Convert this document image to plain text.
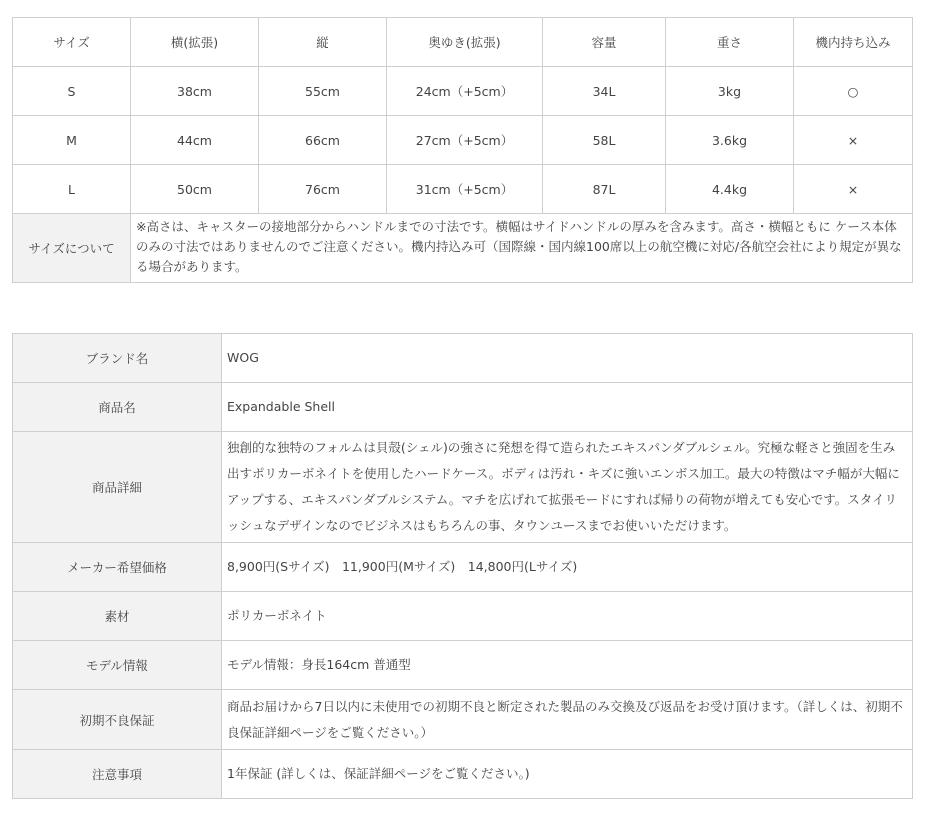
サイズ	横(拡張)	縦	奥ゆき(拡張)	容量	重さ	機内持ち込み
S	38cm	55cm	24cm（+5cm）	34L	3kg	○
M	44cm	66cm	27cm（+5cm）	58L	3.6kg	×
L	50cm	76cm	31cm（+5cm）	87L	4.4kg	×
サイズについて	※高さは、キャスターの接地部分からハンドルまでの寸法です。横幅はサイドハンドルの厚みを含みます。高さ・横幅ともに ケース本体のみの寸法ではありませんのでご注意ください。機内持込み可（国際線・国内線100席以上の航空機に対応/各航空会社により規定が異なる場合があります。					
ブランド名	WOG
商品名	Expandable Shell
商品詳細	独創的な独特のフォルムは貝殻(シェル)の強さに発想を得て造られたエキスパンダブルシェル。究極な軽さと強固を生み出すポリカーボネイトを使用したハードケース。ボディは汚れ・キズに強いエンボス加工。最大の特徴はマチ幅が大幅にアップする、エキスパンダブルシステム。マチを広げれて拡張モードにすれば帰りの荷物が増えても安心です。スタイリッシュなデザインなのでビジネスはもちろんの事、タウンユースまでお使いいただけます。
メーカー希望価格	8,900円(Sサイズ)　11,900円(Mサイズ)　14,800円(Lサイズ)
素材	ポリカーボネイト
モデル情報	モデル情報：身長164cm 普通型
初期不良保証	商品お届けから7日以内に未使用での初期不良と断定された製品のみ交換及び返品をお受け頂けます。（詳しくは、初期不良保証詳細ページをご覧ください。）
注意事項	1年保証 (詳しくは、保証詳細ページをご覧ください。)
